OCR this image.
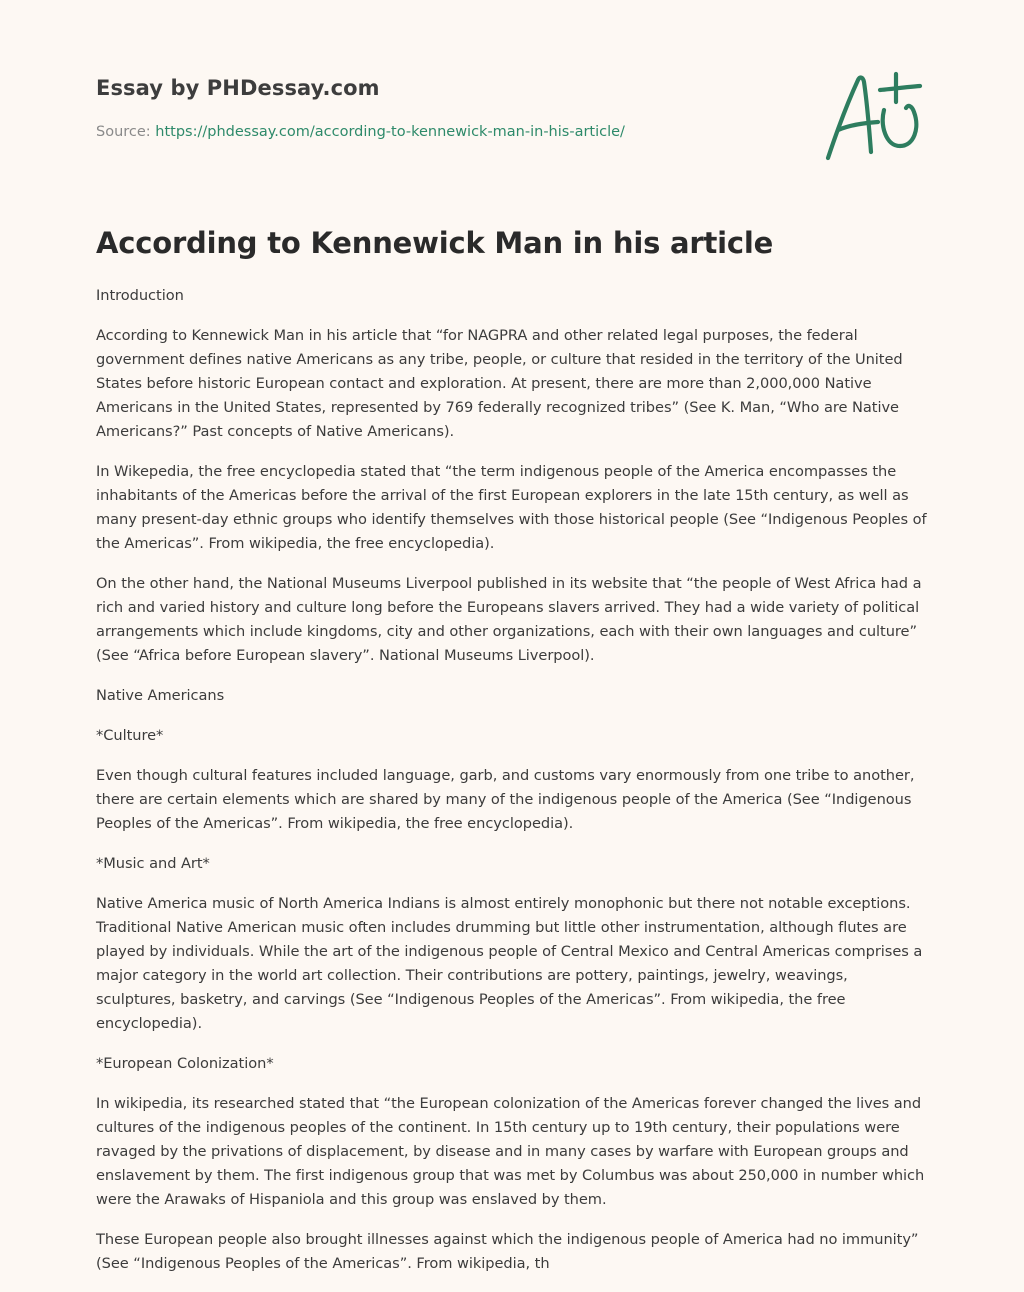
Essay by PHDessay.com
Source: https://phdessay.com/according-to-kennewick-man-in-his-article/
According to Kennewick Man in his article

Introduction

According to Kennewick Man in his article that “for NAGPRA and other related legal purposes, the federal government defines native Americans as any tribe, people, or culture that resided in the territory of the United States before historic European contact and exploration. At present, there are more than 2,000,000 Native Americans in the United States, represented by 769 federally recognized tribes” (See K. Man, “Who are Native Americans?” Past concepts of Native Americans).

In Wikepedia, the free encyclopedia stated that “the term indigenous people of the America encompasses the inhabitants of the Americas before the arrival of the first European explorers in the late 15th century, as well as many present-day ethnic groups who identify themselves with those historical people (See “Indigenous Peoples of the Americas”. From wikipedia, the free encyclopedia).

On the other hand, the National Museums Liverpool published in its website that “the people of West Africa had a rich and varied history and culture long before the Europeans slavers arrived. They had a wide variety of political arrangements which include kingdoms, city and other organizations, each with their own languages and culture” (See “Africa before European slavery”. National Museums Liverpool).

Native Americans

*Culture*

Even though cultural features included language, garb, and customs vary enormously from one tribe to another, there are certain elements which are shared by many of the indigenous people of the America (See “Indigenous Peoples of the Americas”. From wikipedia, the free encyclopedia).

*Music and Art*

Native America music of North America Indians is almost entirely monophonic but there not notable exceptions. Traditional Native American music often includes drumming but little other instrumentation, although flutes are played by individuals. While the art of the indigenous people of Central Mexico and Central Americas comprises a major category in the world art collection. Their contributions are pottery, paintings, jewelry, weavings, sculptures, basketry, and carvings (See “Indigenous Peoples of the Americas”. From wikipedia, the free encyclopedia).

*European Colonization*

In wikipedia, its researched stated that “the European colonization of the Americas forever changed the lives and cultures of the indigenous peoples of the continent. In 15th century up to 19th century, their populations were ravaged by the privations of displacement, by disease and in many cases by warfare with European groups and enslavement by them. The first indigenous group that was met by Columbus was about 250,000 in number which were the Arawaks of Hispaniola and this group was enslaved by them.

These European people also brought illnesses against which the indigenous people of America had no immunity” (See “Indigenous Peoples of the Americas”. From wikipedia, th
